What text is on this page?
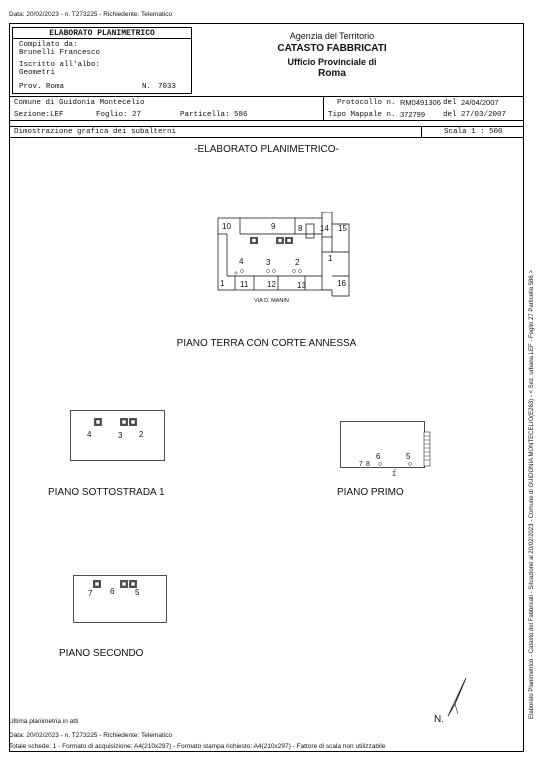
Data: 20/02/2023 - n. T273225 - Richiedente: Telematico
ELABORATO PLANIMETRICO
Compilato da:
Brunelli Francesco
Iscritto all'albo:
Geometri
Prov. Roma	N. 7033
Agenzia del Territorio
CATASTO FABBRICATI
Ufficio Provinciale di
Roma
Comune di Guidonia Montecelio
Sezione:LEF	Foglio: 27	Particella: 586
Protocollo n. RM0491306 del 24/04/2007
Tipo Mappale n. 372799 del 27/03/2007
Dimostrazione grafica dei subalterni	Scala 1 : 500
-ELABORATO PLANIMETRICO-
10	9	8 14 15
1
4	3	2
16
1 11 12	13
VIA D. MANIN
PIANO TERRA CON CORTE ANNESSA
4	3 2
PIANO SOTTOSTRADA 1
7 8
6	5
1
PIANO PRIMO
7 6	5
PIANO SECONDO
N.
Elaborato Planimetrico - Catasto dei Fabbricati - Situazione al 20/02/2023 - Comune di GUIDONIA MONTECELIO(E263) - < Sez. urbana LEF - Foglio 27 Particella 586 >
Ultima planimetria in atti
Data: 20/02/2023 - n. T273225 - Richiedente: Telematico
Totale schede: 1 - Formato di acquisizione: A4(210x297) - Formato stampa richiesto: A4(210x297) - Fattore di scala non utilizzabile
